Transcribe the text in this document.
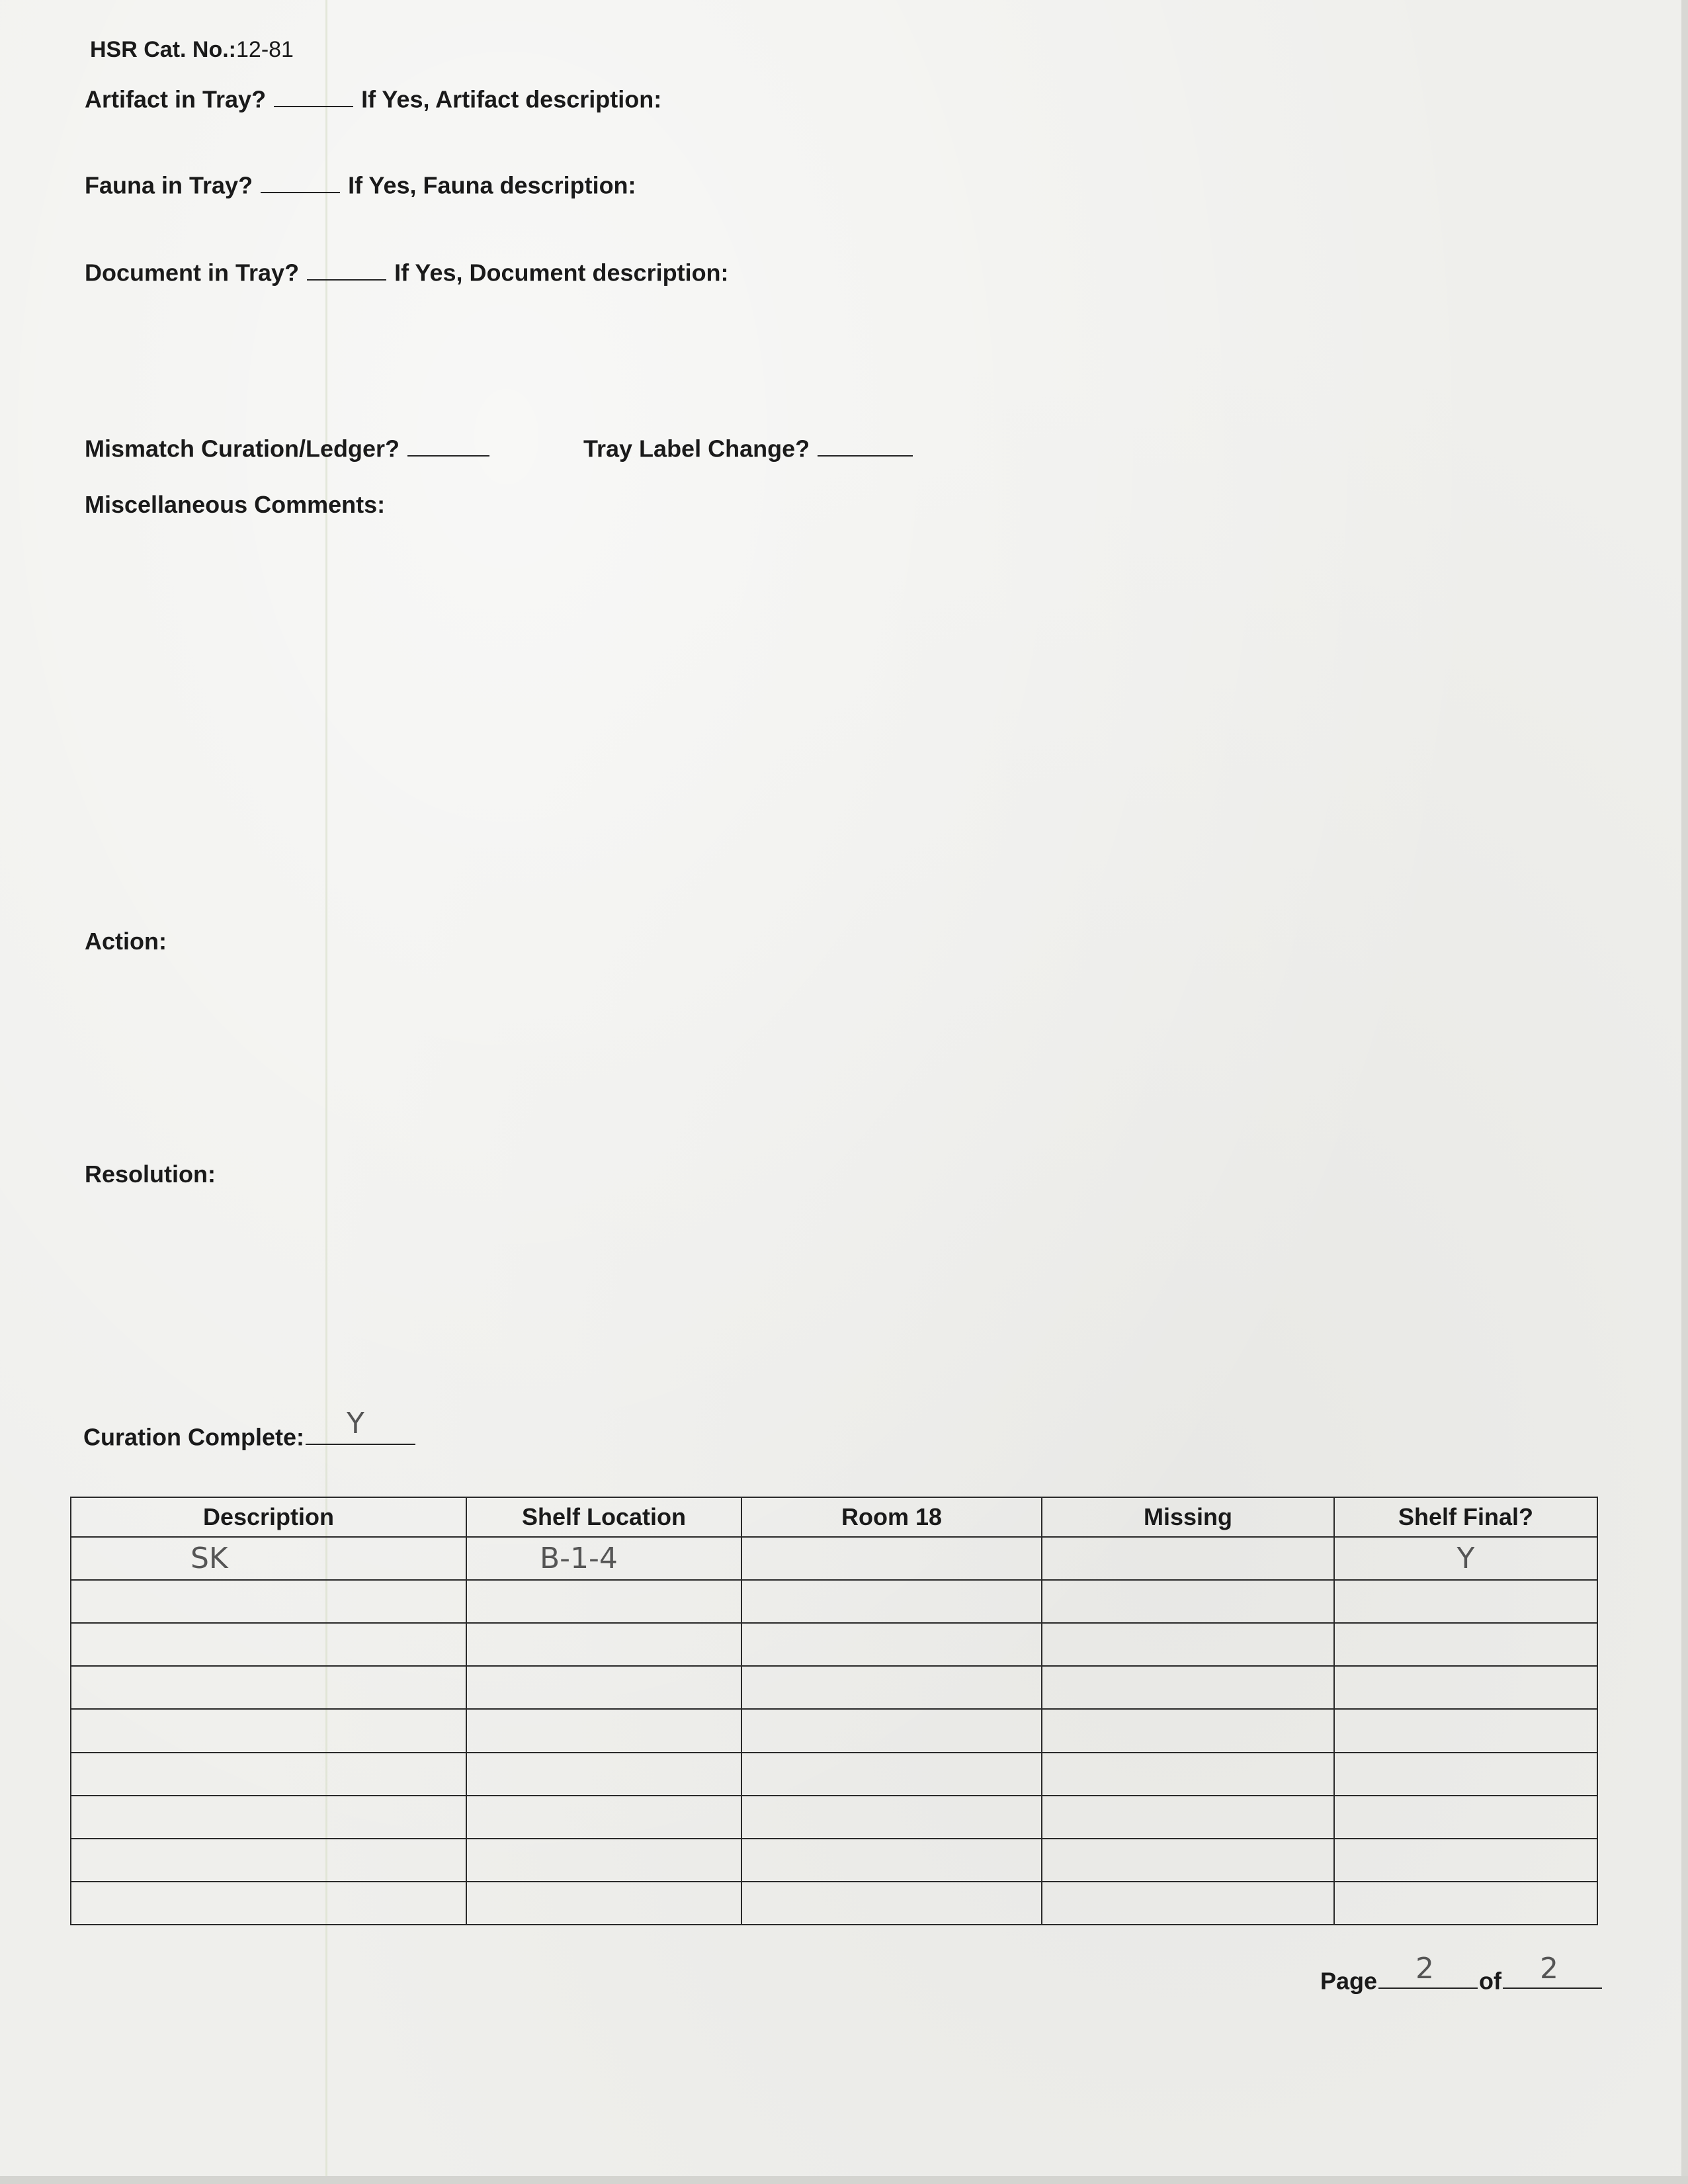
HSR Cat. No.:12-81
Artifact in Tray?	If Yes, Artifact description:
Fauna in Tray?	If Yes, Fauna description:
Document in Tray?	If Yes, Document description:
Mismatch Curation/Ledger?	Tray Label Change?
Miscellaneous Comments:
Action:
Resolution:
Curation Complete: Y
Description	Shelf Location	Room 18	Missing	Shelf Final?
SK	B-1-4			Y

Page 2 of 2
